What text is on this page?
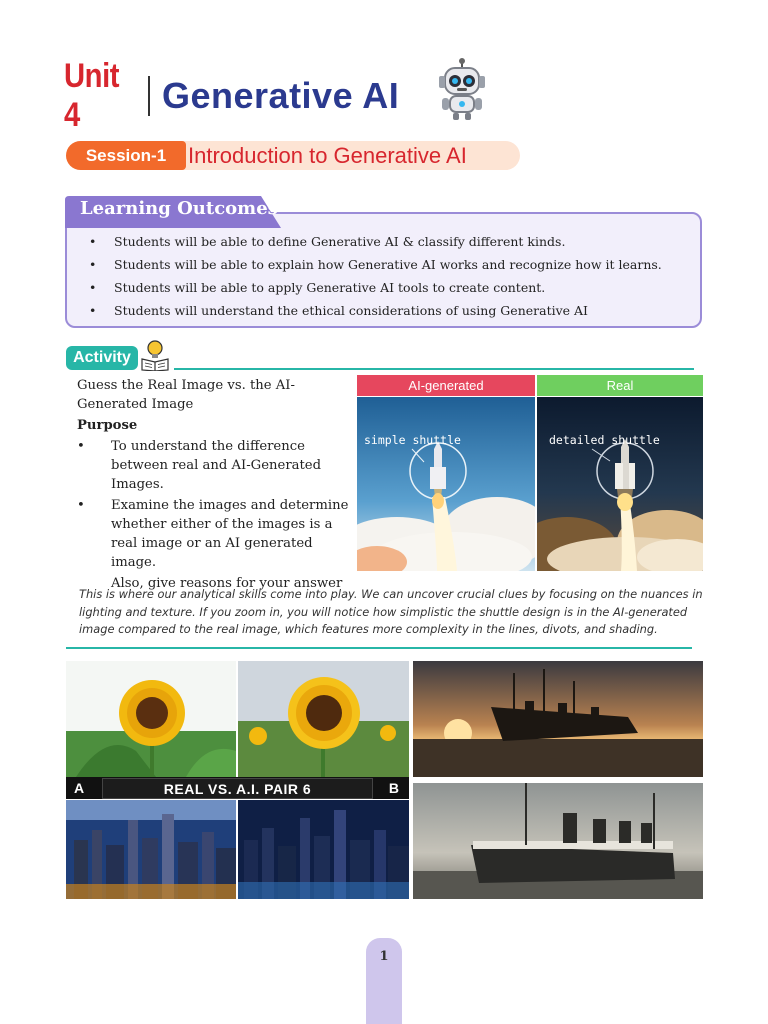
Unit 4	Generative AI
Session-1 Introduction to Generative AI
Learning Outcomes
• Students will be able to define Generative AI & classify different kinds.
• Students will be able to explain how Generative AI works and recognize how it learns.
• Students will be able to apply Generative AI tools to create content.
• Students will understand the ethical considerations of using Generative AI
Activity

Guess the Real Image vs. the AI-Generated Image

Purpose

• To understand the difference between real and AI-Generated Images.
• Examine the images and determine whether either of the images is a real image or an AI generated image.

Also, give reasons for your answer

AI-generated	Real
simple shuttle	detailed shuttle
This is where our analytical skills come into play. We can uncover crucial clues by focusing on the nuances in lighting and texture. If you zoom in, you will notice how simplistic the shuttle design is in the AI-generated image compared to the real image, which features more complexity in the lines, divots, and shading.
A	REAL VS. A.I. PAIR 6	B
1
